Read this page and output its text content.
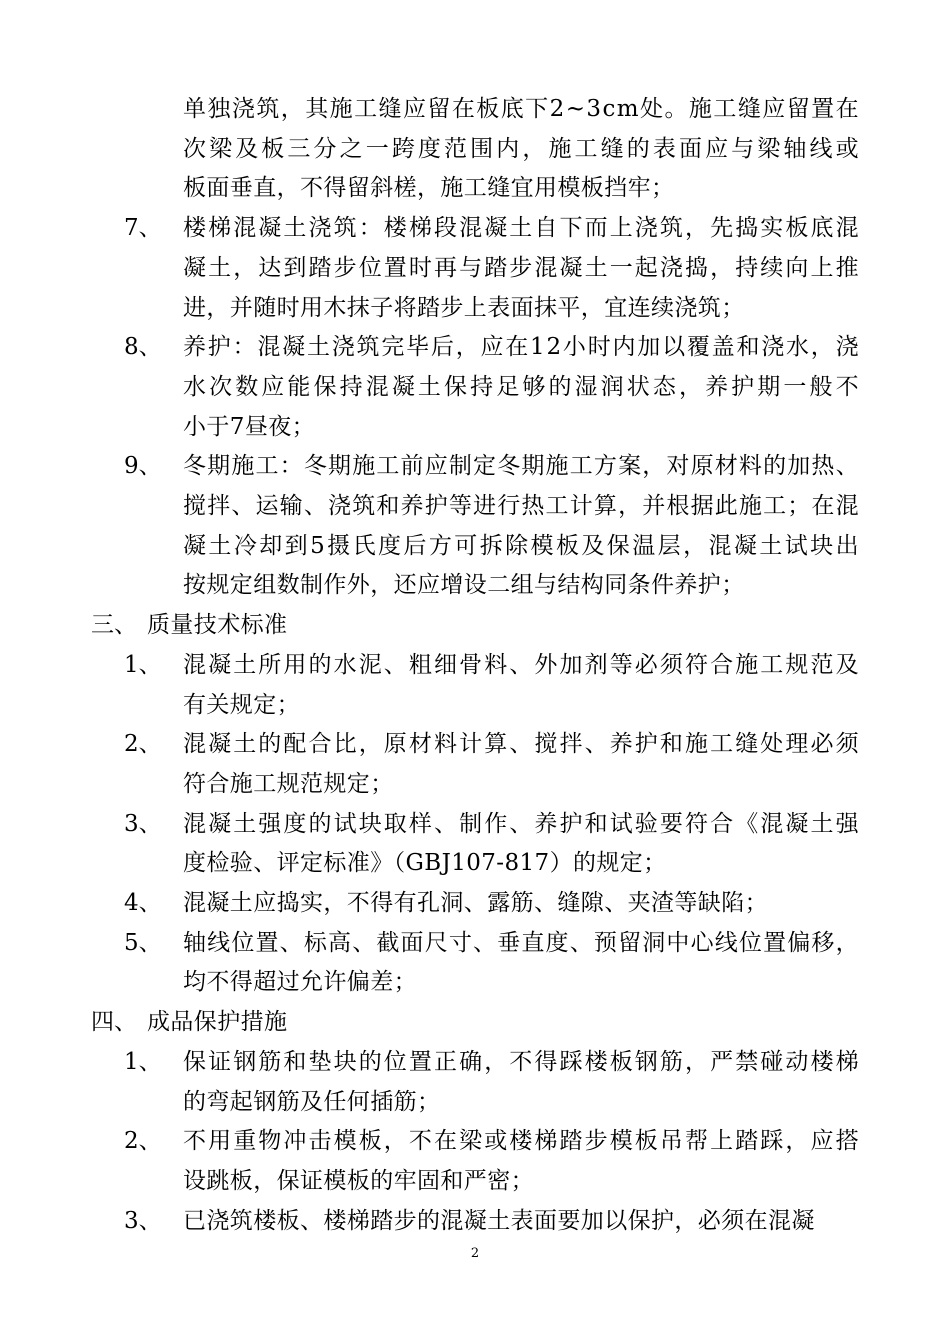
单独浇筑，其施工缝应留在板底下2~3cm处。施工缝应留置在
次梁及板三分之一跨度范围内，施工缝的表面应与梁轴线或
板面垂直，不得留斜槎，施工缝宜用模板挡牢；
7、 楼梯混凝土浇筑：楼梯段混凝土自下而上浇筑，先捣实板底混
凝土，达到踏步位置时再与踏步混凝土一起浇捣，持续向上推
进，并随时用木抹子将踏步上表面抹平，宜连续浇筑；
8、 养护：混凝土浇筑完毕后，应在12小时内加以覆盖和浇水，浇
水次数应能保持混凝土保持足够的湿润状态，养护期一般不
小于7昼夜；
9、 冬期施工：冬期施工前应制定冬期施工方案，对原材料的加热、
搅拌、运输、浇筑和养护等进行热工计算，并根据此施工；在混
凝土冷却到5摄氏度后方可拆除模板及保温层，混凝土试块出
按规定组数制作外，还应增设二组与结构同条件养护；
三、 质量技术标准
1、 混凝土所用的水泥、粗细骨料、外加剂等必须符合施工规范及
有关规定；
2、 混凝土的配合比，原材料计算、搅拌、养护和施工缝处理必须
符合施工规范规定；
3、 混凝土强度的试块取样、制作、养护和试验要符合《混凝土强
度检验、评定标准》（GBJ107-817）的规定；
4、 混凝土应捣实，不得有孔洞、露筋、缝隙、夹渣等缺陷；
5、 轴线位置、标高、截面尺寸、垂直度、预留洞中心线位置偏移，
均不得超过允许偏差；
四、 成品保护措施
1、 保证钢筋和垫块的位置正确，不得踩楼板钢筋，严禁碰动楼梯
的弯起钢筋及任何插筋；
2、 不用重物冲击模板，不在梁或楼梯踏步模板吊帮上踏踩，应搭
设跳板，保证模板的牢固和严密；
3、 已浇筑楼板、楼梯踏步的混凝土表面要加以保护，必须在混凝
2
